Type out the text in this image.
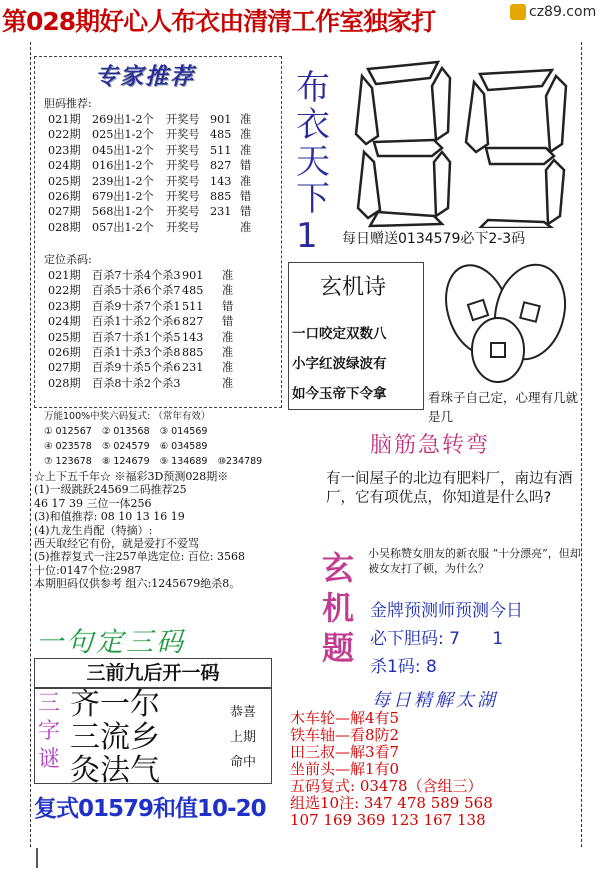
第028期好心人布衣由清清工作室独家打	cz89.com
专家推荐
胆码推荐:
021期	269出1-2个	开奖号 901 准
022期	025出1-2个	开奖号 485 准
023期	045出1-2个	开奖号 511 准
024期	016出1-2个	开奖号 827 错
025期	239出1-2个	开奖号 143 准
026期	679出1-2个	开奖号 885 错
027期	568出1-2个	开奖号 231 错
028期	057出1-2个	开奖号	准
定位杀码:
021期	百杀7十杀4个杀3 901	准
022期	百杀5十杀6个杀7 485	准
023期	百杀9十杀7个杀1 511	错
024期	百杀1十杀2个杀6 827	错
025期	百杀7十杀1个杀5 143	准
026期	百杀1十杀3个杀8 885	准
027期	百杀9十杀5个杀6 231	准
028期	百杀8十杀2个杀3	准
万能100%中奖六码复式: （常年有效）
① 012567 ② 013568 ③ 014569
④ 023578 ⑤ 024579 ⑥ 034589
⑦ 123678 ⑧ 124679 ⑨ 134689 ⑩234789
布
衣
天
下
1	每日赠送0134579必下2-3码
玄机诗
一口咬定双数八
小字红波绿波有
如今玉帝下令拿	看珠子自己定，心理有几就是几
脑筋急转弯
有一间屋子的北边有肥料厂，南边有酒厂，它有项优点，你知道是什么吗?
☆上下五千年☆ ※福彩3D预测028期※
(1)一级跳跃24569二码推荐25
46 17 39 三位一体256
(3)和值推荐: 08 10 13 16 19
(4)九龙生肖配（特摘）:
西天取经它有份，就是爱打不爱骂
(5)推荐复式一注257单选定位: 百位: 3568
十位:0147个位:2987
本期胆码仅供参考 组六:1245679绝杀8。	玄
机
题
小吴称赞女朋友的新衣服 “十分漂亮”，但却被女友打了顿，为什么？
金牌预测师预测今日
必下胆码: 7      1
杀1码: 8
一句定三码
三前九后开一码
三
字
谜
齐一尔
三流乡
灸法气
恭喜
上期
命中
复式01579和值10-20
每日精解太湖
木车轮—解4有5
铁车轴—看8防2
田三叔—解3看7
坐前头—解1有0
五码复式: 03478（含组三）
组选10注: 347 478 589 568
107 169 369 123 167 138
